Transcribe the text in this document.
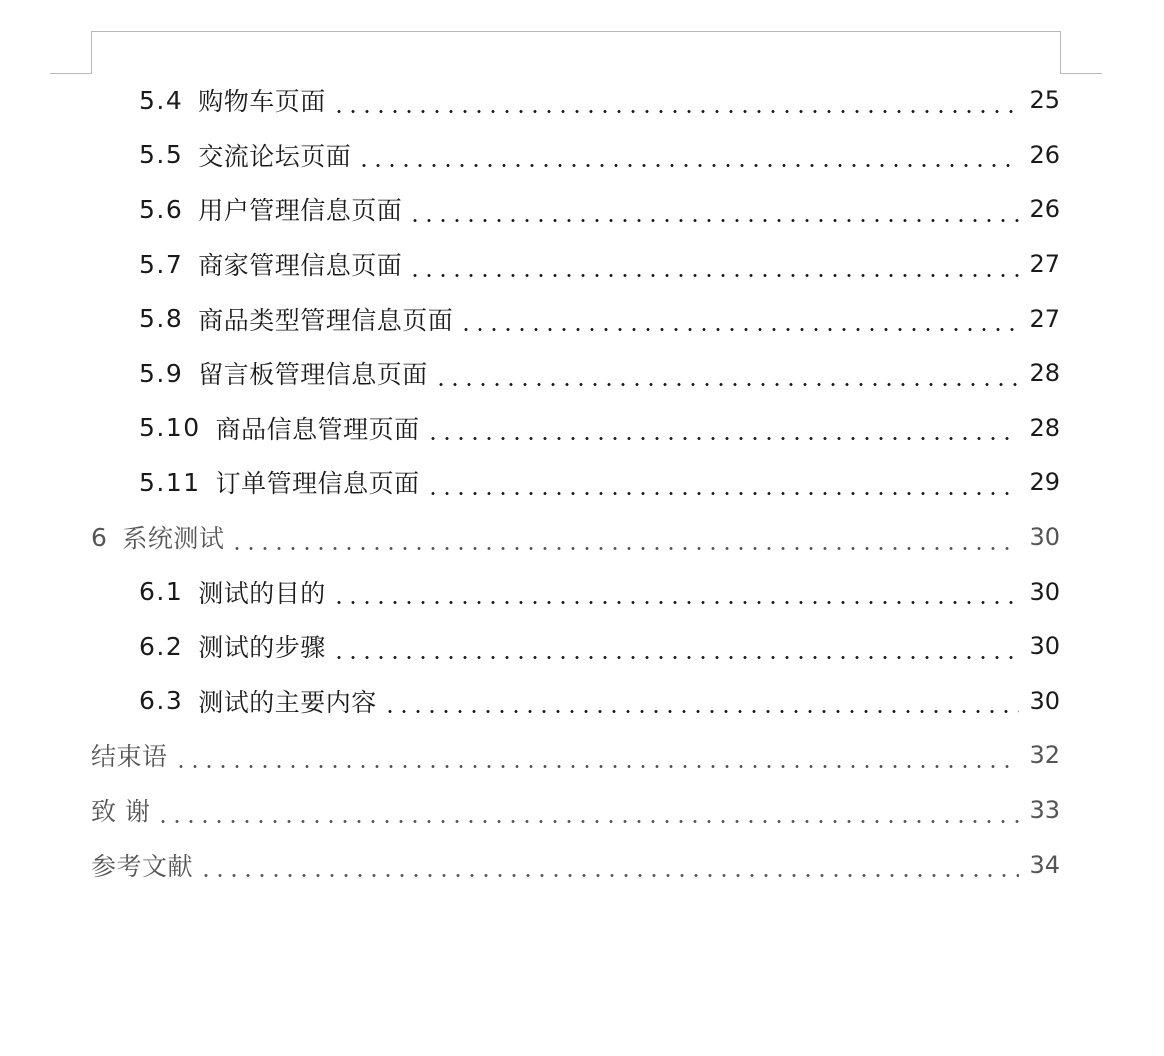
5.4 购物车页面	25
5.5 交流论坛页面	26
5.6 用户管理信息页面	26
5.7 商家管理信息页面	27
5.8 商品类型管理信息页面	27
5.9 留言板管理信息页面	28
5.10 商品信息管理页面	28
5.11 订单管理信息页面	29
6 系统测试	30
6.1 测试的目的	30
6.2 测试的步骤	30
6.3 测试的主要内容	30
结束语	32
致 谢	33
参考文献	34
